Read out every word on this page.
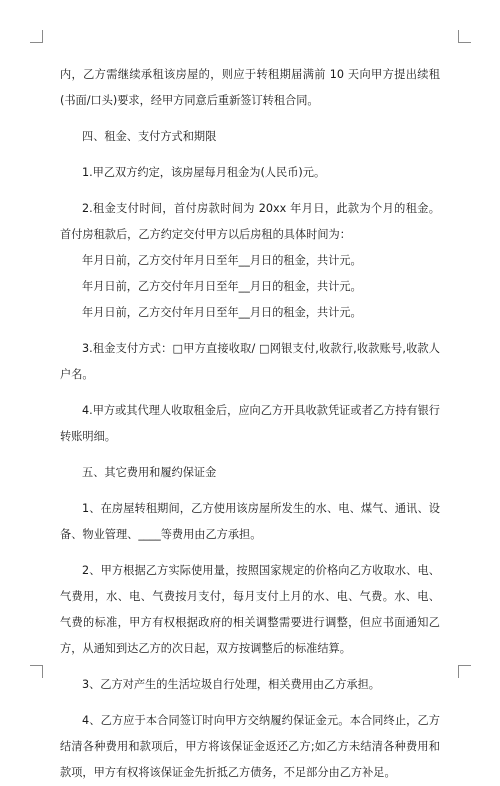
内，乙方需继续承租该房屋的，则应于转租期届满前 10 天向甲方提出续租(书面/口头)要求，经甲方同意后重新签订转租合同。

四、租金、支付方式和期限

1.甲乙双方约定，该房屋每月租金为(人民币)元。

2.租金支付时间，首付房款时间为 20xx 年月日，此款为个月的租金。首付房租款后，乙方约定交付甲方以后房租的具体时间为：

年月日前，乙方交付年月日至年__月日的租金，共计元。

年月日前，乙方交付年月日至年__月日的租金，共计元。

年月日前，乙方交付年月日至年__月日的租金，共计元。

3.租金支付方式：□甲方直接收取/ □网银支付,收款行,收款账号,收款人户名。

4.甲方或其代理人收取租金后，应向乙方开具收款凭证或者乙方持有银行转账明细。

五、其它费用和履约保证金

1、在房屋转租期间，乙方使用该房屋所发生的水、电、煤气、通讯、设备、物业管理、____等费用由乙方承担。

2、甲方根据乙方实际使用量，按照国家规定的价格向乙方收取水、电、气费用，水、电、气费按月支付，每月支付上月的水、电、气费。水、电、气费的标准，甲方有权根据政府的相关调整需要进行调整，但应书面通知乙方，从通知到达乙方的次日起，双方按调整后的标准结算。

3、乙方对产生的生活垃圾自行处理，相关费用由乙方承担。

4、乙方应于本合同签订时向甲方交纳履约保证金元。本合同终止，乙方结清各种费用和款项后，甲方将该保证金返还乙方;如乙方未结清各种费用和款项，甲方有权将该保证金先折抵乙方债务，不足部分由乙方补足。
